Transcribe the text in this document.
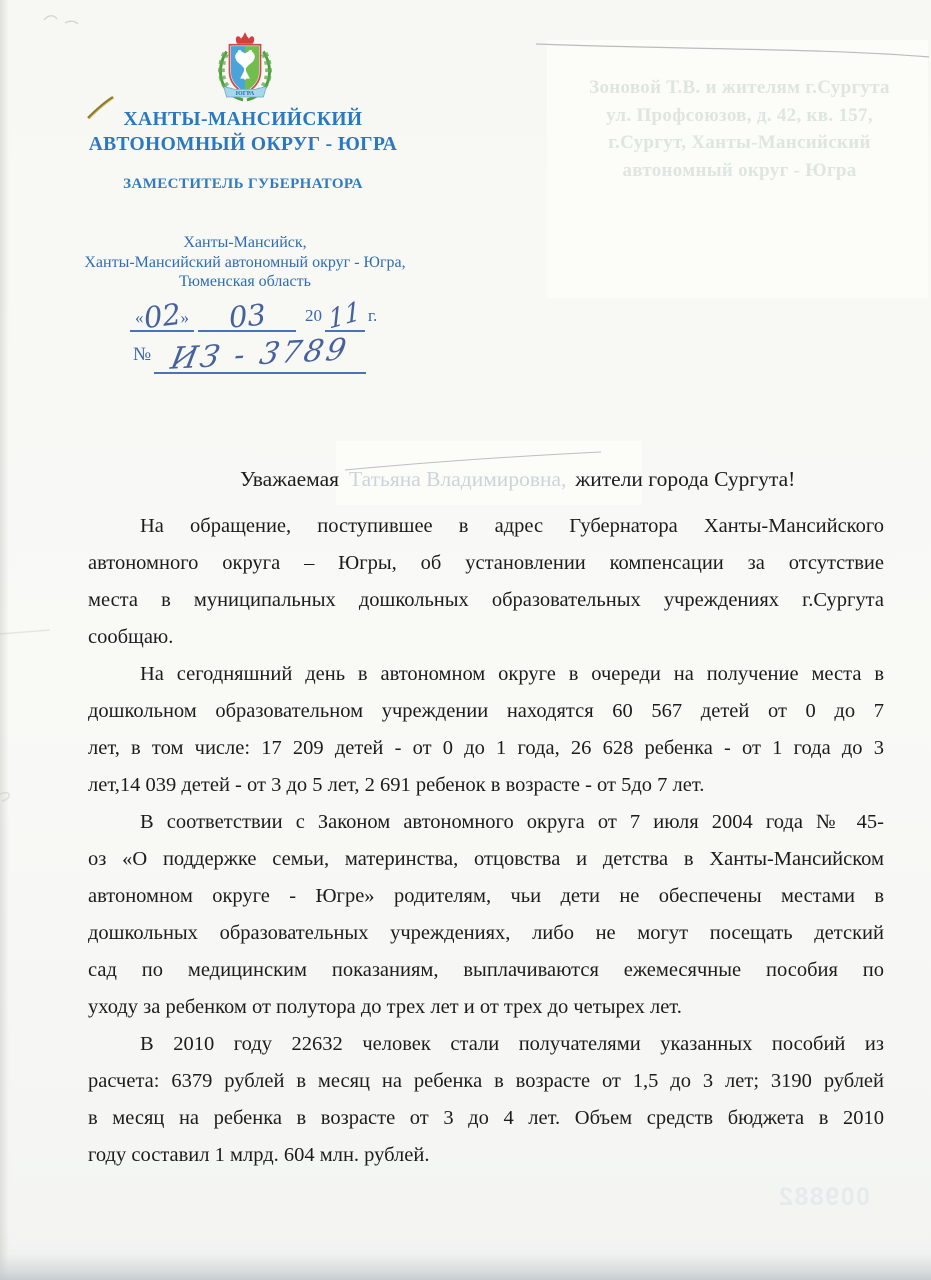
ЮГРА
ХАНТЫ-МАНСИЙСКИЙ
АВТОНОМНЫЙ ОКРУГ - ЮГРА
ЗАМЕСТИТЕЛЬ ГУБЕРНАТОРА
Ханты-Мансийск,
Ханты-Мансийский автономный округ - Югра,
Тюменская область
«02» 03 20 11 г.
№ ИЗ - 3789
Зоновой Т.В. и жителям г.Сургута
ул. Профсоюзов, д. 42, кв. 157,
г.Сургут, Ханты-Мансийский
автономный округ - Югра
Уважаемая Татьяна Владимировна, жители города Сургута!
На обращение, поступившее в адрес Губернатора Ханты-Мансийского
автономного округа – Югры, об установлении компенсации за отсутствие
места в муниципальных дошкольных образовательных учреждениях г.Сургута
сообщаю.
На сегодняшний день в автономном округе в очереди на получение места в
дошкольном образовательном учреждении находятся 60 567 детей от 0 до 7
лет, в том числе: 17 209 детей - от 0 до 1 года, 26 628 ребенка - от 1 года до 3
лет,14 039 детей - от 3 до 5 лет, 2 691 ребенок в возрасте - от 5до 7 лет.
В соответствии с Законом автономного округа от 7 июля 2004 года № 45-
оз «О поддержке семьи, материнства, отцовства и детства в Ханты-Мансийском
автономном округе - Югре» родителям, чьи дети не обеспечены местами в
дошкольных образовательных учреждениях, либо не могут посещать детский
сад по медицинским показаниям, выплачиваются ежемесячные пособия по
уходу за ребенком от полутора до трех лет и от трех до четырех лет.
В 2010 году 22632 человек стали получателями указанных пособий из
расчета: 6379 рублей в месяц на ребенка в возрасте от 1,5 до 3 лет; 3190 рублей
в месяц на ребенка в возрасте от 3 до 4 лет. Объем средств бюджета в 2010
году составил 1 млрд. 604 млн. рублей.
009882
